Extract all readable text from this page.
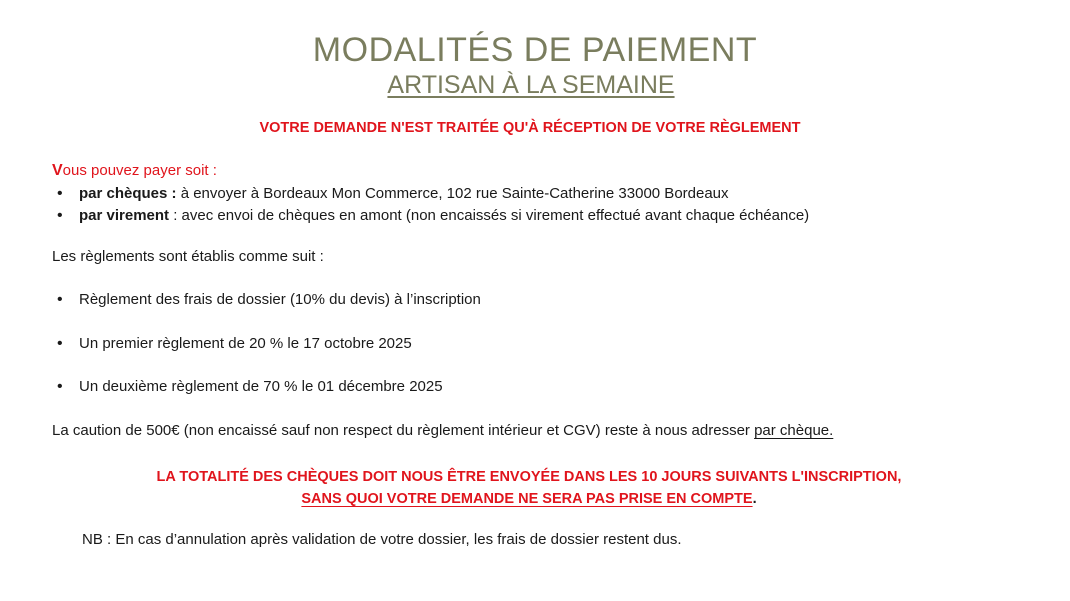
MODALITÉS DE PAIEMENT
ARTISAN À LA SEMAINE
VOTRE DEMANDE N'EST TRAITÉE QU'À RÉCEPTION DE VOTRE RÈGLEMENT
Vous pouvez payer soit :
• par chèques : à envoyer à Bordeaux Mon Commerce, 102 rue Sainte-Catherine 33000 Bordeaux
• par virement : avec envoi de chèques en amont (non encaissés si virement effectué avant chaque échéance)
Les règlements sont établis comme suit :
• Règlement des frais de dossier (10% du devis) à l’inscription
• Un premier règlement de 20 % le 17 octobre 2025
• Un deuxième règlement de 70 % le 01 décembre 2025
La caution de 500€ (non encaissé sauf non respect du règlement intérieur et CGV) reste à nous adresser par chèque.
LA TOTALITÉ DES CHÈQUES DOIT NOUS ÊTRE ENVOYÉE DANS LES 10 JOURS SUIVANTS L'INSCRIPTION,
SANS QUOI VOTRE DEMANDE NE SERA PAS PRISE EN COMPTE.
NB : En cas d’annulation après validation de votre dossier, les frais de dossier restent dus.
